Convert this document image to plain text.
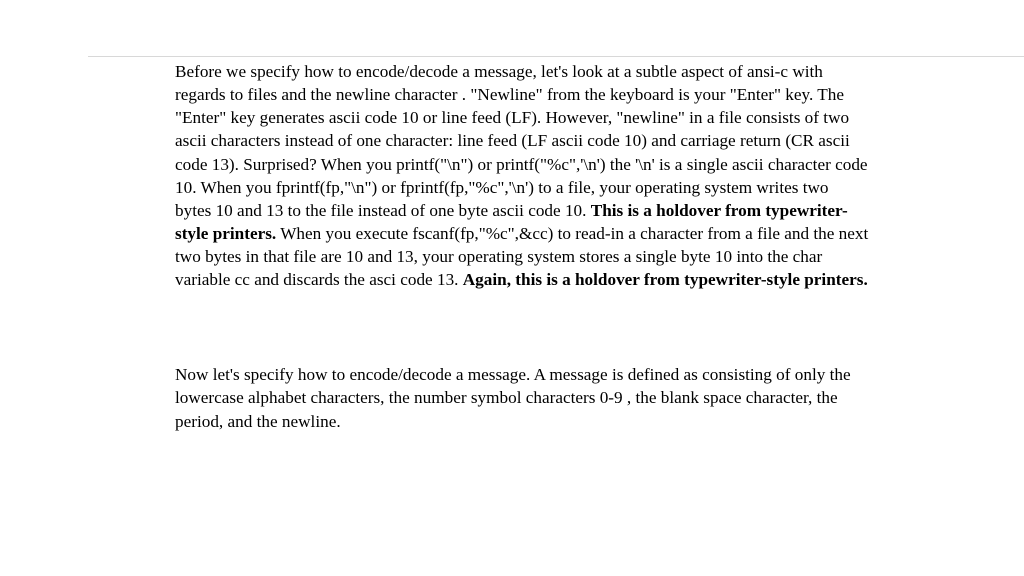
Before we specify how to encode/decode a message, let's look at a subtle aspect of ansi-c with regards to files and the newline character . "Newline" from the keyboard is your "Enter" key. The "Enter" key generates ascii code 10 or line feed (LF). However, "newline" in a file consists of two ascii characters instead of one character: line feed (LF ascii code 10) and carriage return (CR ascii code 13). Surprised? When you printf("\n") or printf("%c",'\n') the '\n' is a single ascii character code 10. When you fprintf(fp,"\n") or fprintf(fp,"%c",'\n') to a file, your operating system writes two bytes 10 and 13 to the file instead of one byte ascii code 10. This is a holdover from typewriter-style printers. When you execute fscanf(fp,"%c",&cc) to read-in a character from a file and the next two bytes in that file are 10 and 13, your operating system stores a single byte 10 into the char variable cc and discards the asci code 13. Again, this is a holdover from typewriter-style printers.

Now let's specify how to encode/decode a message. A message is defined as consisting of only the lowercase alphabet characters, the number symbol characters 0-9 , the blank space character, the period, and the newline.
